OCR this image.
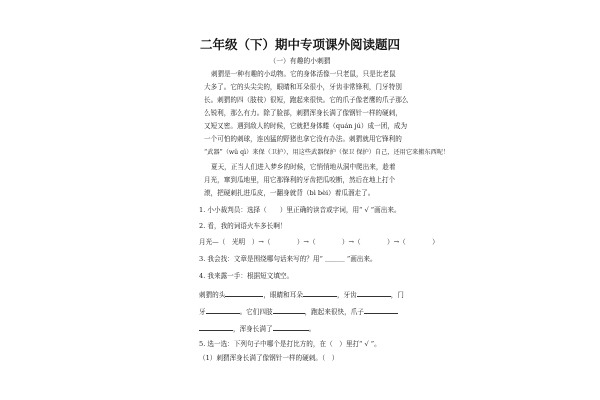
二年级（下）期中专项课外阅读题四
（一）有趣的小刺猬
刺猬是一种有趣的小动物。它的身体活像一只老鼠，只是比老鼠
大多了。它的头尖尖的，眼睛和耳朵很小，牙齿非常锋利，门牙特别
长。刺猬的四（肢枝）很短，跑起来很快。它的爪子像老鹰的爪子那么
么锐利，那么有力。除了脸部，刺猬浑身长满了像钢针一样的硬刺，
又短又密。遇到敌人的时候，它就把身体蜷（quán jú）成一团，成为
一个可怕的刺球，连凶猛的野猪也拿它没有办法。刺猬就用它锋利的
“武器”（wǔ qì）来保（卫护），用这些武器保护（保卫 保护）自己，还用它来搬东西呢！
夏天，正当人们进入梦乡的时候，它悄悄地从洞中爬出来，趁着
月光，窜到瓜地里，用它那锋利的牙齿把瓜咬断，然后在地上打个
滚，把硬刺扎进瓜皮，一翻身就背（bì bèi）着瓜溜走了。
1. 小小裁判员：选择（　　）里正确的读音或字词，用“ √ ”画出来。
2. 看，我的词语火车多长啊！
月光—（　光明　）→（　　　　）→（　　　　）→（　　　　）→（　　　　）
3. 我会找：文章是围绕哪句话来写的？用“ ＿＿＿ ”画出来。
4. 我来露一手：根据短文填空。
刺猬的头	，眼睛和耳朵	，牙齿	，门
牙	。它们四肢	，跑起来很快，爪子
，浑身长满了	。
5. 选一选：下列句子中哪个是打比方的，在（　）里打“ √ ”。
（1）刺猬浑身长满了像钢针一样的硬刺。（　）
